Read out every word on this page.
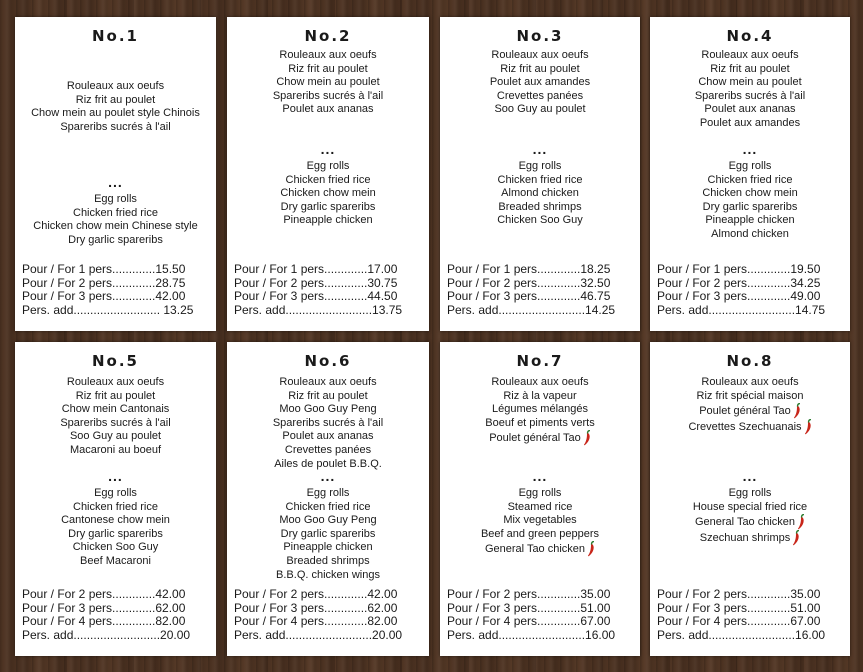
No.1
Rouleaux aux oeufs
Riz frit au poulet
Chow mein au poulet style Chinois
Spareribs sucrés à l'ail
...
Egg rolls
Chicken fried rice
Chicken chow mein Chinese style
Dry garlic spareribs
Pour / For 1 pers.............15.50
Pour / For 2 pers.............28.75
Pour / For 3 pers.............42.00
Pers. add.......................... 13.25
No.2
Rouleaux aux oeufs
Riz frit au poulet
Chow mein au poulet
Spareribs sucrés à l'ail
Poulet aux ananas
...
Egg rolls
Chicken fried rice
Chicken chow mein
Dry garlic spareribs
Pineapple chicken
Pour / For 1 pers.............17.00
Pour / For 2 pers.............30.75
Pour / For 3 pers.............44.50
Pers. add..........................13.75
No.3
Rouleaux aux oeufs
Riz frit au poulet
Poulet aux amandes
Crevettes panées
Soo Guy au poulet
...
Egg rolls
Chicken fried rice
Almond chicken
Breaded shrimps
Chicken Soo Guy
Pour / For 1 pers.............18.25
Pour / For 2 pers.............32.50
Pour / For 3 pers.............46.75
Pers. add..........................14.25
No.4
Rouleaux aux oeufs
Riz frit au poulet
Chow mein au poulet
Spareribs sucrés à l'ail
Poulet aux ananas
Poulet aux amandes
...
Egg rolls
Chicken fried rice
Chicken chow mein
Dry garlic spareribs
Pineapple chicken
Almond chicken
Pour / For 1 pers.............19.50
Pour / For 2 pers.............34.25
Pour / For 3 pers.............49.00
Pers. add..........................14.75
No.5
Rouleaux aux oeufs
Riz frit au poulet
Chow mein Cantonais
Spareribs sucrés à l'ail
Soo Guy au poulet
Macaroni au boeuf
...
Egg rolls
Chicken fried rice
Cantonese chow mein
Dry garlic spareribs
Chicken Soo Guy
Beef Macaroni
Pour / For 2 pers.............42.00
Pour / For 3 pers.............62.00
Pour / For 4 pers.............82.00
Pers. add..........................20.00
No.6
Rouleaux aux oeufs
Riz frit au poulet
Moo Goo Guy Peng
Spareribs sucrés à l'ail
Poulet aux ananas
Crevettes panées
Ailes de poulet B.B.Q.
...
Egg rolls
Chicken fried rice
Moo Goo Guy Peng
Dry garlic spareribs
Pineapple chicken
Breaded shrimps
B.B.Q. chicken wings
Pour / For 2 pers.............42.00
Pour / For 3 pers.............62.00
Pour / For 4 pers.............82.00
Pers. add..........................20.00
No.7
Rouleaux aux oeufs
Riz à la vapeur
Légumes mélangés
Boeuf et piments verts
Poulet général Tao
...
Egg rolls
Steamed rice
Mix vegetables
Beef and green peppers
General Tao chicken
Pour / For 2 pers.............35.00
Pour / For 3 pers.............51.00
Pour / For 4 pers.............67.00
Pers. add..........................16.00
No.8
Rouleaux aux oeufs
Riz frit spécial maison
Poulet général Tao
Crevettes Szechuanais
...
Egg rolls
House special fried rice
General Tao chicken
Szechuan shrimps
Pour / For 2 pers.............35.00
Pour / For 3 pers.............51.00
Pour / For 4 pers.............67.00
Pers. add..........................16.00
